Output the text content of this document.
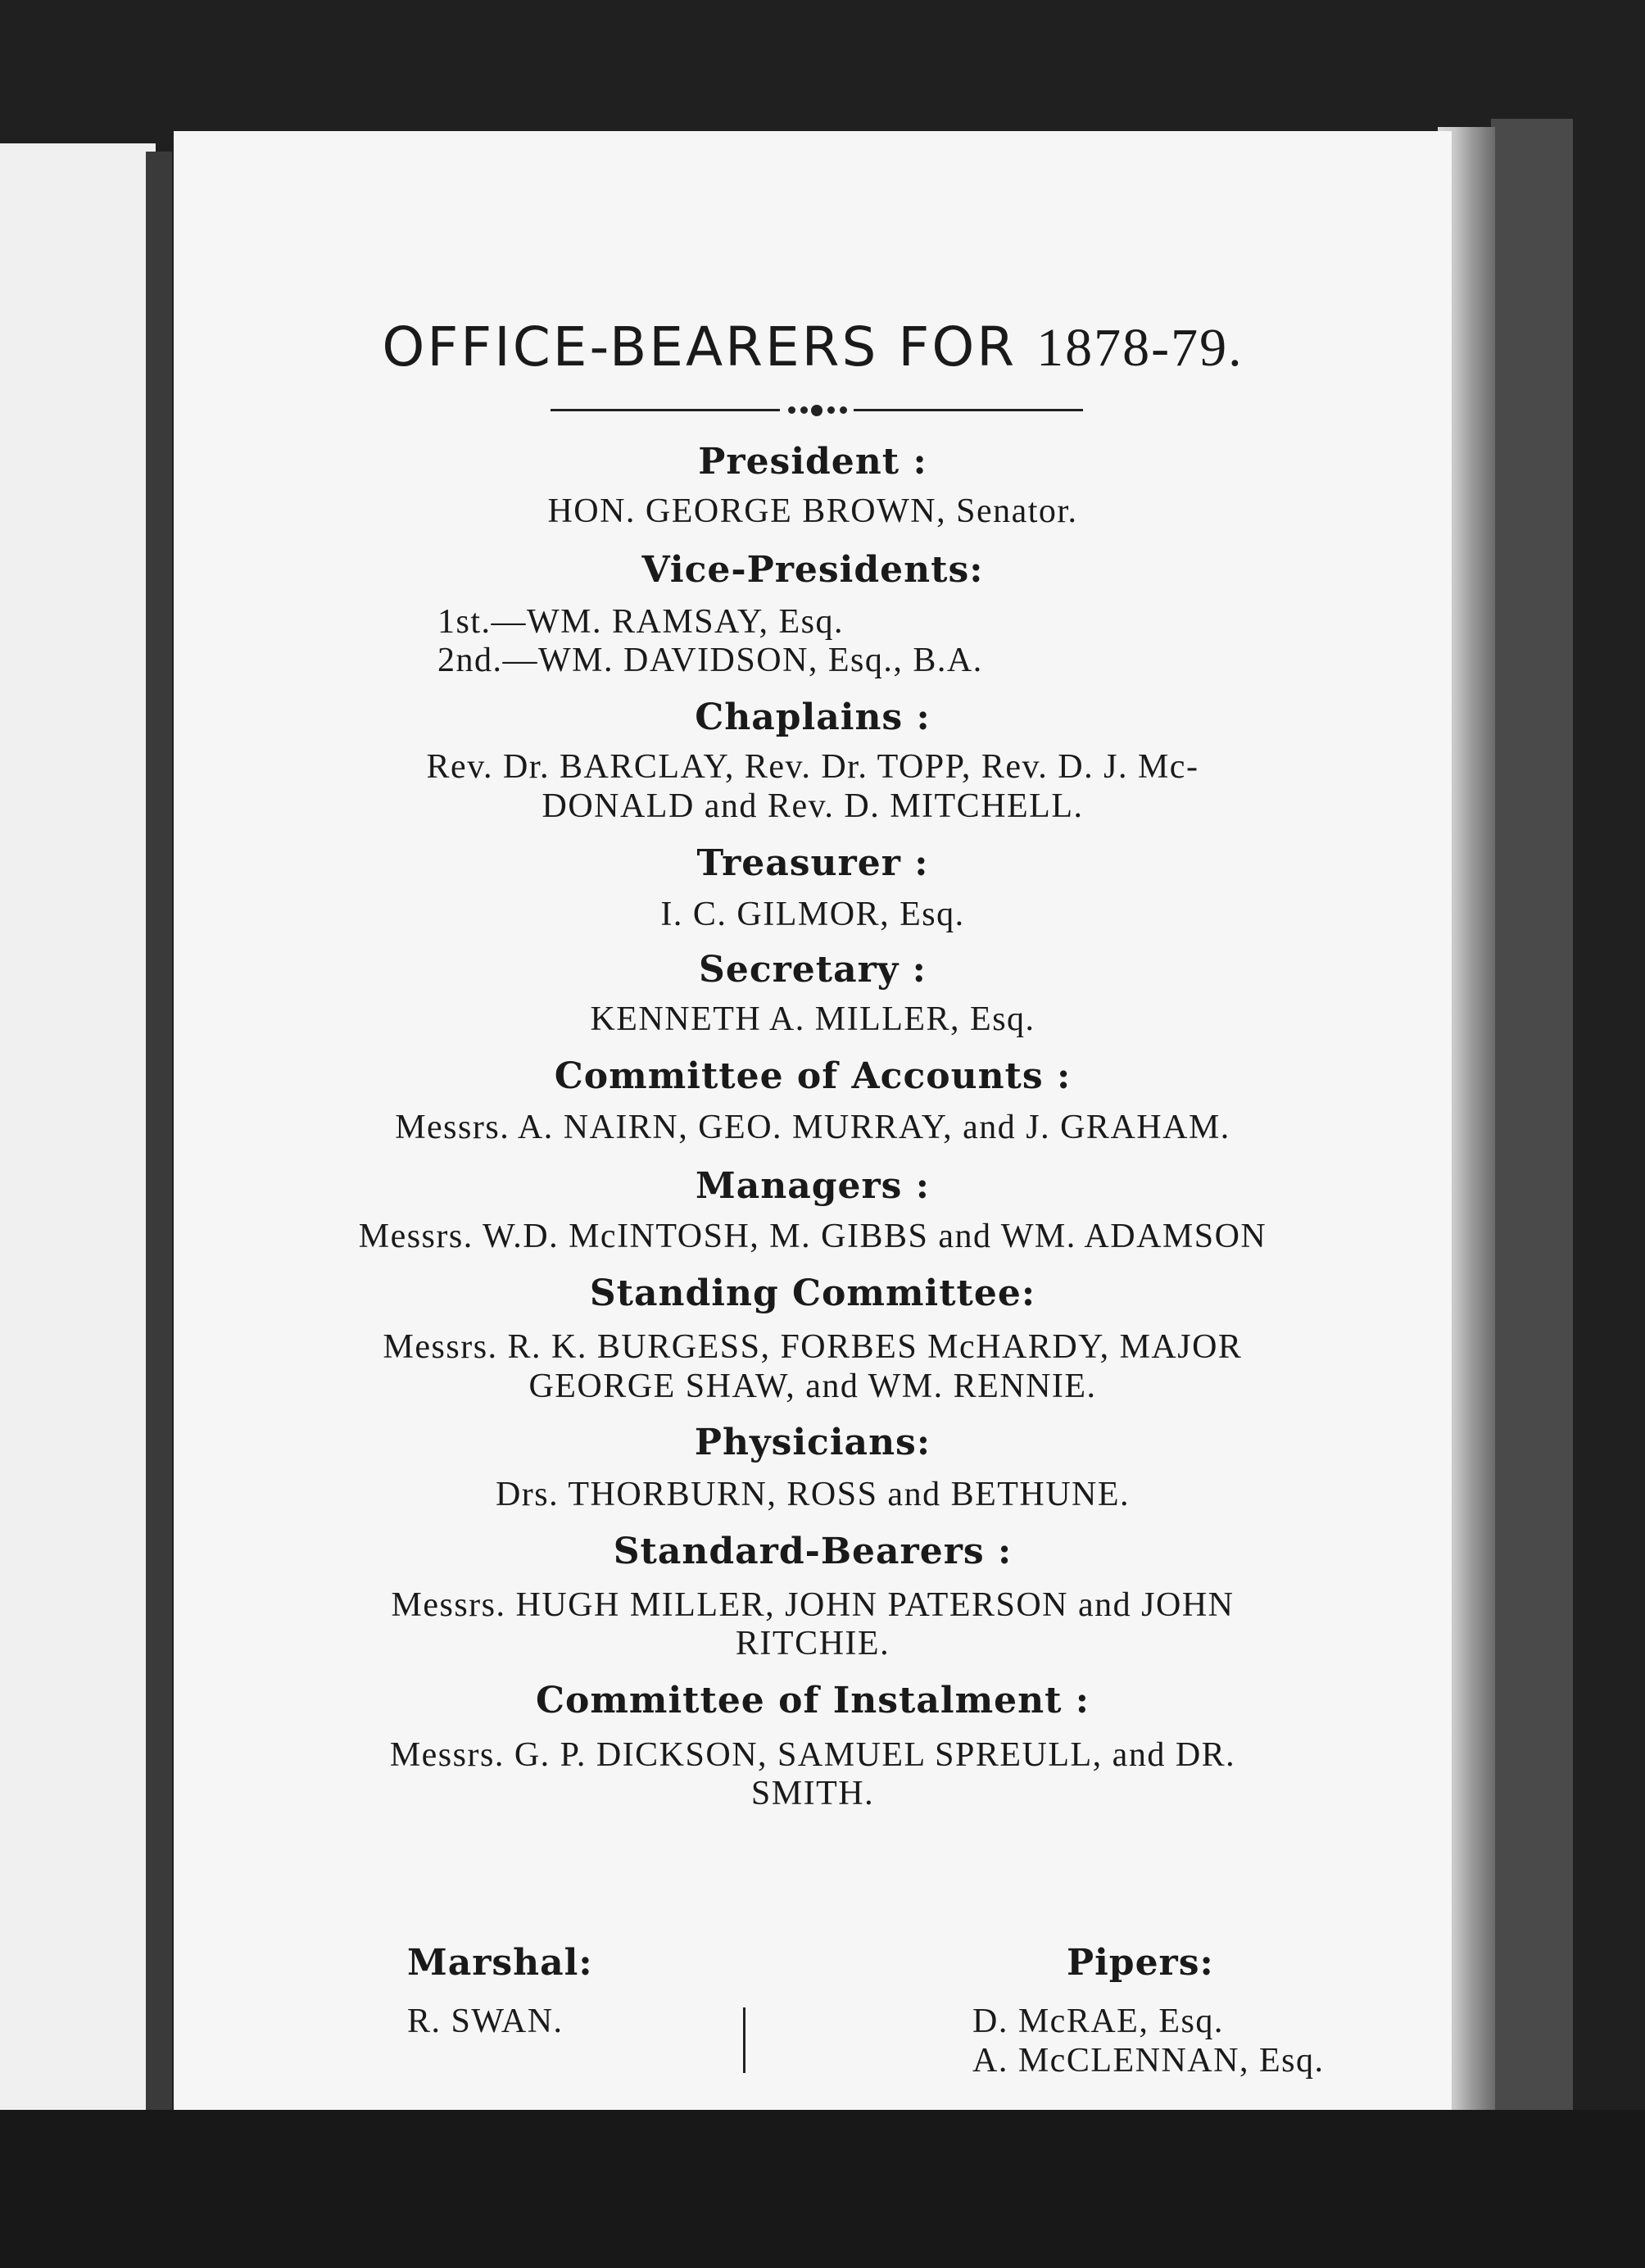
OFFICE-BEARERS FOR 1878-79.
President :
HON. GEORGE BROWN, Senator.
Vice-Presidents:
1st.—WM. RAMSAY, Esq.
2nd.—WM. DAVIDSON, Esq., B.A.
Chaplains :
Rev. Dr. BARCLAY, Rev. Dr. TOPP, Rev. D. J. Mc-
DONALD and Rev. D. MITCHELL.
Treasurer :
I. C. GILMOR, Esq.
Secretary :
KENNETH A. MILLER, Esq.
Committee of Accounts :
Messrs. A. NAIRN, GEO. MURRAY, and J. GRAHAM.
Managers :
Messrs. W.D. McINTOSH, M. GIBBS and WM. ADAMSON
Standing Committee:
Messrs. R. K. BURGESS, FORBES McHARDY, MAJOR
GEORGE SHAW, and WM. RENNIE.
Physicians:
Drs. THORBURN, ROSS and BETHUNE.
Standard-Bearers :
Messrs. HUGH MILLER, JOHN PATERSON and JOHN
RITCHIE.
Committee of Instalment :
Messrs. G. P. DICKSON, SAMUEL SPREULL, and DR.
SMITH.
Marshal:
R. SWAN.
Pipers:
D. McRAE, Esq.
A. McCLENNAN, Esq.
